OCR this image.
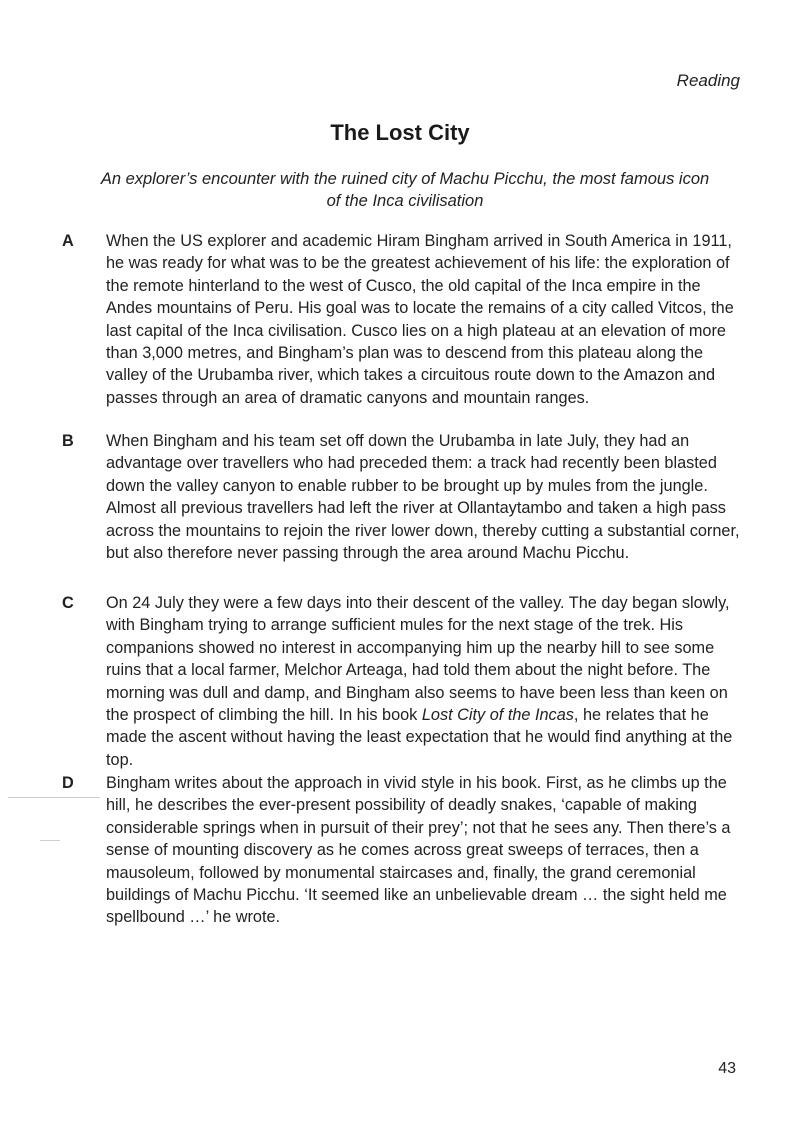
Reading
The Lost City
An explorer’s encounter with the ruined city of Machu Picchu, the most famous icon of the Inca civilisation
A	When the US explorer and academic Hiram Bingham arrived in South America in 1911, he was ready for what was to be the greatest achievement of his life: the exploration of the remote hinterland to the west of Cusco, the old capital of the Inca empire in the Andes mountains of Peru. His goal was to locate the remains of a city called Vitcos, the last capital of the Inca civilisation. Cusco lies on a high plateau at an elevation of more than 3,000 metres, and Bingham’s plan was to descend from this plateau along the valley of the Urubamba river, which takes a circuitous route down to the Amazon and passes through an area of dramatic canyons and mountain ranges.
B	When Bingham and his team set off down the Urubamba in late July, they had an advantage over travellers who had preceded them: a track had recently been blasted down the valley canyon to enable rubber to be brought up by mules from the jungle. Almost all previous travellers had left the river at Ollantaytambo and taken a high pass across the mountains to rejoin the river lower down, thereby cutting a substantial corner, but also therefore never passing through the area around Machu Picchu.
C	On 24 July they were a few days into their descent of the valley. The day began slowly, with Bingham trying to arrange sufficient mules for the next stage of the trek. His companions showed no interest in accompanying him up the nearby hill to see some ruins that a local farmer, Melchor Arteaga, had told them about the night before. The morning was dull and damp, and Bingham also seems to have been less than keen on the prospect of climbing the hill. In his book Lost City of the Incas, he relates that he made the ascent without having the least expectation that he would find anything at the top.
D	Bingham writes about the approach in vivid style in his book. First, as he climbs up the hill, he describes the ever-present possibility of deadly snakes, ‘capable of making considerable springs when in pursuit of their prey’; not that he sees any. Then there’s a sense of mounting discovery as he comes across great sweeps of terraces, then a mausoleum, followed by monumental staircases and, finally, the grand ceremonial buildings of Machu Picchu. ‘It seemed like an unbelievable dream … the sight held me spellbound …’ he wrote.
43
